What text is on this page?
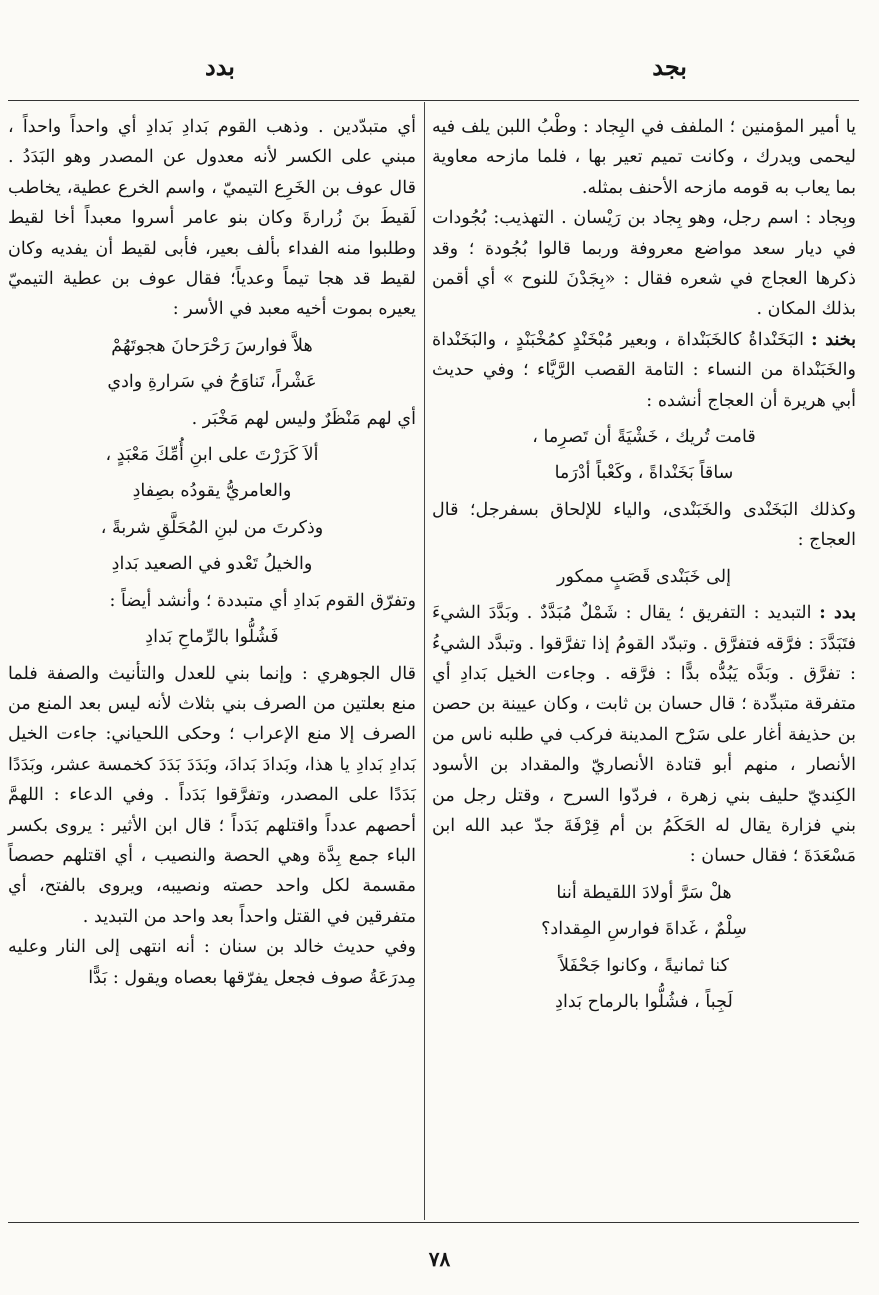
بجد
بدد

يا أمير المؤمنين ؛ الملفف في البِجاد : وطْبُ اللبن يلف فيه ليحمى ويدرك ، وكانت تميم تعير بها ، فلما مازحه معاوية بما يعاب به قومه مازحه الأحنف بمثله.

وبِجاد : اسم رجل، وهو بِجاد بن رَيْسان . التهذيب: بُجُودات في ديار سعد مواضع معروفة وربما قالوا بُجُودة ؛ وقد ذكرها العجاج في شعره فقال : «بِجَدْنَ للنوح » أي أقمن بذلك المكان .

بخند : البَخَنْداةُ كالخَبَنْداة ، وبعير مُبْخَنْدٍ كمُخْبَنْدٍ ، والبَخَنْداة والخَبَنْداة من النساء : التامة القصب الرَّيَّاء ؛ وفي حديث أبي هريرة أن العجاج أنشده :

قامت تُريك ، خَشْيَةً أن تَصرِما ،

ساقاً بَخَنْداةً ، وكَعْباً أدْرَما

وكذلك البَخَنْدى والخَبَنْدى، والياء للإلحاق بسفرجل؛ قال العجاج :

إلى خَبَنْدى قَصَبٍ ممكور

بدد : التبديد : التفريق ؛ يقال : شَمْلٌ مُبَدَّدٌ . وبَدَّدَ الشيءَ فتَبَدَّدَ : فرَّقه فتفرَّق . وتبدّد القومُ إذا تفرَّقوا . وتبدَّد الشيءُ : تفرَّق . وبَدَّه يَبُدُّه بدًّا : فرَّقه . وجاءت الخيل بَدادِ أي متفرقة متبدِّدة ؛ قال حسان بن ثابت ، وكان عيينة بن حصن بن حذيفة أغار على سَرْح المدينة فركب في طلبه ناس من الأنصار ، منهم أبو قتادة الأنصاريّ والمقداد بن الأسود الكِنديّ حليف بني زهرة ، فردّوا السرح ، وقتل رجل من بني فزارة يقال له الحَكَمُ بن أم قِرْفَةَ جدّ عبد الله ابن مَسْعَدَةَ ؛ فقال حسان :

هلْ سَرَّ أولادَ اللقيطة أننا

سِلْمٌ ، غَداةَ فوارسِ المِقداد؟

كنا ثمانيةً ، وكانوا جَحْفَلاً

لَجِباً ، فشُلُّوا بالرماح بَدادِ

أي متبدّدين . وذهب القوم بَدادِ بَدادِ أي واحداً واحداً ، مبني على الكسر لأنه معدول عن المصدر وهو البَدَدُ . قال عوف بن الخَرِع التيميّ ، واسم الخرع عطية، يخاطب لَقيطَ بنَ زُرارةَ وكان بنو عامر أسروا معبداً أخا لقيط وطلبوا منه الفداء بألف بعير، فأبى لقيط أن يفديه وكان لقيط قد هجا تيماً وعدياً؛ فقال عوف بن عطية التيميّ يعيره بموت أخيه معبد في الأسر :

هلاَّ فوارسَ رَحْرَحانَ هجوتَهُمْ

عَشْراً، تَناوَحُ في سَرارةِ وادي

أي لهم مَنْظَرٌ وليس لهم مَخْبَر .

ألاَ كَرَرْتَ على ابنِ أُمِّكَ مَعْبَدٍ ،

والعامريُّ يقودُه بصِفادِ

وذكرتَ من لبنِ المُحَلَّقِ شربةً ،

والخيلُ تَعْدو في الصعيد بَدادِ

وتفرّق القوم بَدادِ أي متبددة ؛ وأنشد أيضاً :

فَشُلُّوا بالرِّماحِ بَدادِ

قال الجوهري : وإنما بني للعدل والتأنيث والصفة فلما منع بعلتين من الصرف بني بثلاث لأنه ليس بعد المنع من الصرف إلا منع الإعراب ؛ وحكى اللحياني: جاءت الخيل بَدادِ بَدادِ يا هذا، وبَدادَ بَدادَ، وبَدَدَ بَدَدَ كخمسة عشر، وبَدَدًا بَدَدًا على المصدر، وتفرَّقوا بَدَداً . وفي الدعاء : اللهمَّ أحصهم عدداً واقتلهم بَدَداً ؛ قال ابن الأثير : يروى بكسر الباء جمع بِدَّة وهي الحصة والنصيب ، أي اقتلهم حصصاً مقسمة لكل واحد حصته ونصيبه، ويروى بالفتح، أي متفرقين في القتل واحداً بعد واحد من التبديد .

وفي حديث خالد بن سنان : أنه انتهى إلى النار وعليه مِدرَعَةُ صوف فجعل يفرّقها بعصاه ويقول : بَدًّا

٧٨
